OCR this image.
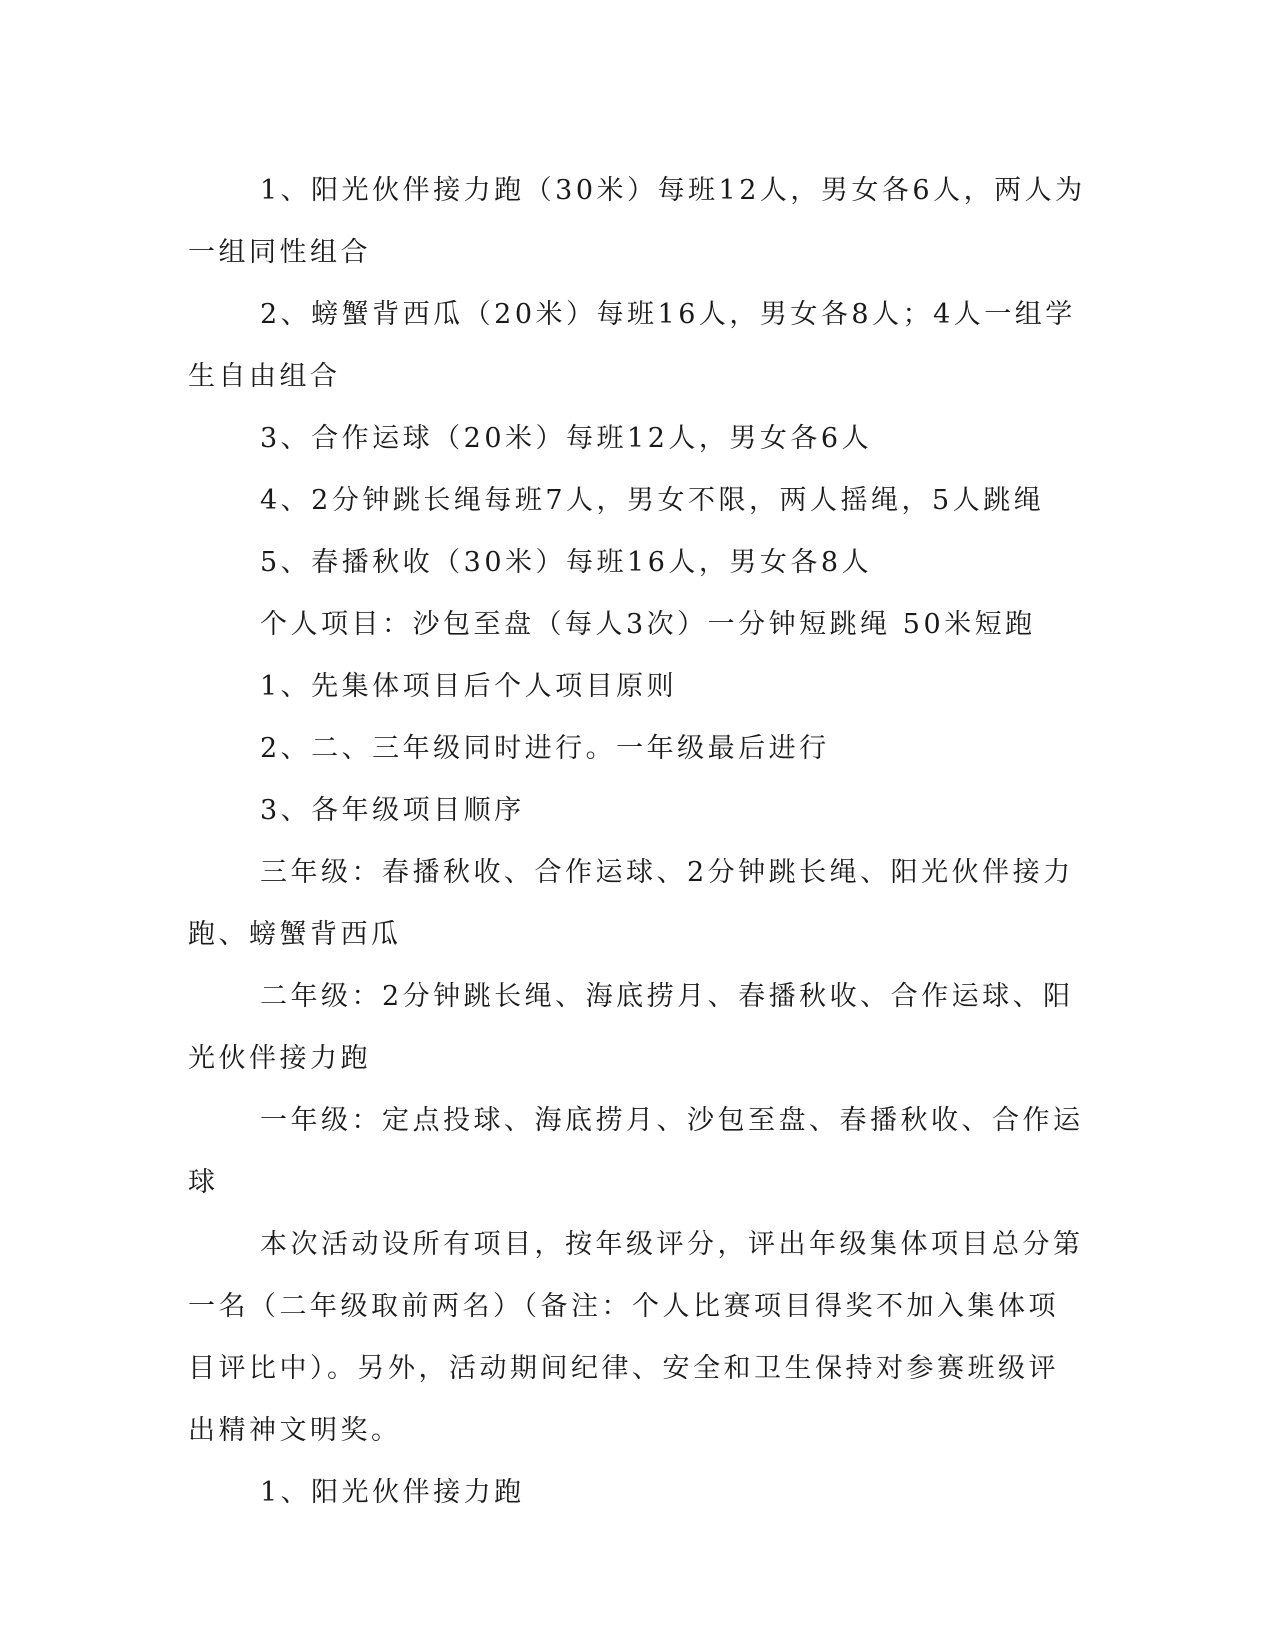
1、阳光伙伴接力跑（30米）每班12人，男女各6人，两人为一组同性组合

2、螃蟹背西瓜（20米）每班16人，男女各8人；4人一组学生自由组合

3、合作运球（20米）每班12人，男女各6人

4、2分钟跳长绳每班7人，男女不限，两人摇绳，5人跳绳

5、春播秋收（30米）每班16人，男女各8人

个人项目：沙包至盘（每人3次）一分钟短跳绳 50米短跑

1、先集体项目后个人项目原则

2、二、三年级同时进行。一年级最后进行

3、各年级项目顺序

三年级：春播秋收、合作运球、2分钟跳长绳、阳光伙伴接力跑、螃蟹背西瓜

二年级：2分钟跳长绳、海底捞月、春播秋收、合作运球、阳光伙伴接力跑

一年级：定点投球、海底捞月、沙包至盘、春播秋收、合作运球

本次活动设所有项目，按年级评分，评出年级集体项目总分第一名（二年级取前两名）（备注：个人比赛项目得奖不加入集体项目评比中）。另外，活动期间纪律、安全和卫生保持对参赛班级评出精神文明奖。

1、阳光伙伴接力跑
